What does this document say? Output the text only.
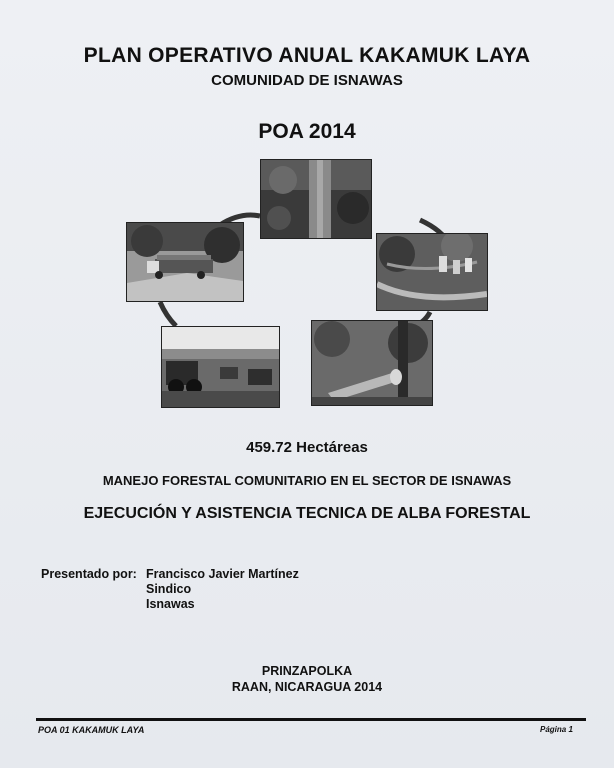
PLAN OPERATIVO ANUAL KAKAMUK LAYA
COMUNIDAD DE ISNAWAS
POA 2014
459.72 Hectáreas
MANEJO FORESTAL COMUNITARIO EN EL SECTOR DE ISNAWAS
EJECUCIÓN Y ASISTENCIA TECNICA DE ALBA FORESTAL
Presentado por: Francisco Javier Martínez
Sindico
Isnawas
PRINZAPOLKA
RAAN, NICARAGUA 2014
POA 01 KAKAMUK LAYA	Página 1
